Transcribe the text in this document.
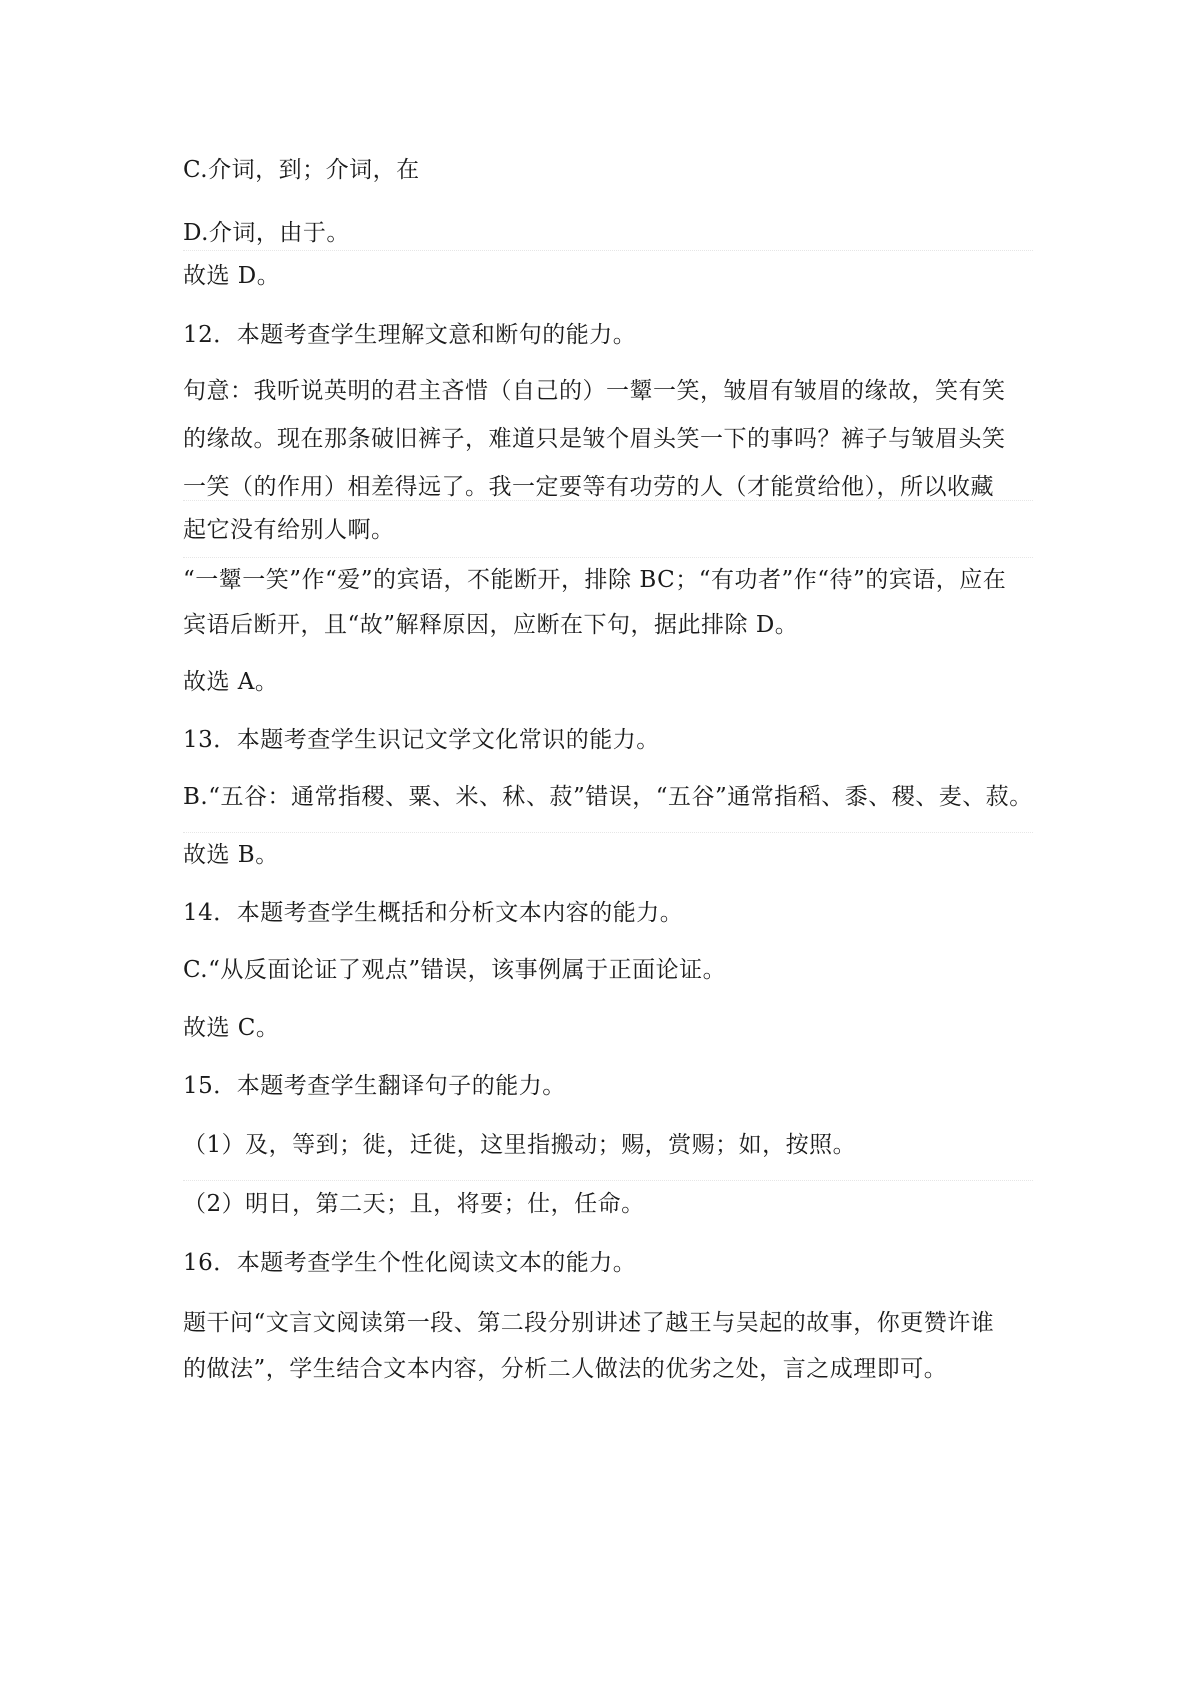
C.介词，到；介词，在
D.介词，由于。
故选 D。
12．本题考查学生理解文意和断句的能力。
句意：我听说英明的君主吝惜（自己的）一颦一笑，皱眉有皱眉的缘故，笑有笑
的缘故。现在那条破旧裤子，难道只是皱个眉头笑一下的事吗？裤子与皱眉头笑
一笑（的作用）相差得远了。我一定要等有功劳的人（才能赏给他），所以收藏
起它没有给别人啊。
“一颦一笑”作“爱”的宾语，不能断开，排除 BC；“有功者”作“待”的宾语，应在
宾语后断开，且“故”解释原因，应断在下句，据此排除 D。
故选 A。
13．本题考查学生识记文学文化常识的能力。
B.“五谷：通常指稷、粟、米、秫、菽”错误，“五谷”通常指稻、黍、稷、麦、菽。
故选 B。
14．本题考查学生概括和分析文本内容的能力。
C.“从反面论证了观点”错误，该事例属于正面论证。
故选 C。
15．本题考查学生翻译句子的能力。
（1）及，等到；徙，迁徙，这里指搬动；赐，赏赐；如，按照。
（2）明日，第二天；且，将要；仕，任命。
16．本题考查学生个性化阅读文本的能力。
题干问“文言文阅读第一段、第二段分别讲述了越王与吴起的故事，你更赞许谁
的做法”，学生结合文本内容，分析二人做法的优劣之处，言之成理即可。
